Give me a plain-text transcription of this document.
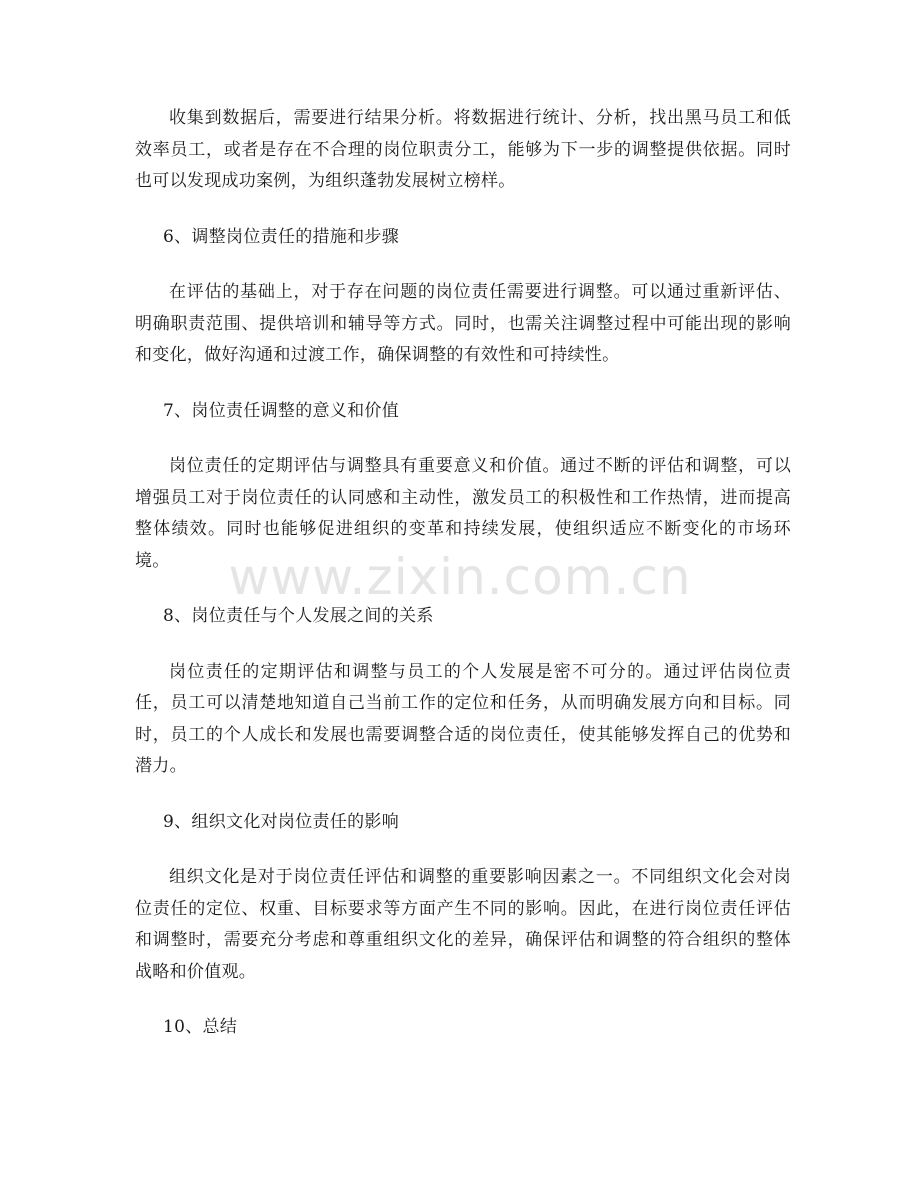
收集到数据后，需要进行结果分析。将数据进行统计、分析，找出黑马员工和低效率员工，或者是存在不合理的岗位职责分工，能够为下一步的调整提供依据。同时也可以发现成功案例，为组织蓬勃发展树立榜样。

6、调整岗位责任的措施和步骤

在评估的基础上，对于存在问题的岗位责任需要进行调整。可以通过重新评估、明确职责范围、提供培训和辅导等方式。同时，也需关注调整过程中可能出现的影响和变化，做好沟通和过渡工作，确保调整的有效性和可持续性。

7、岗位责任调整的意义和价值

岗位责任的定期评估与调整具有重要意义和价值。通过不断的评估和调整，可以增强员工对于岗位责任的认同感和主动性，激发员工的积极性和工作热情，进而提高整体绩效。同时也能够促进组织的变革和持续发展，使组织适应不断变化的市场环境。

8、岗位责任与个人发展之间的关系

岗位责任的定期评估和调整与员工的个人发展是密不可分的。通过评估岗位责任，员工可以清楚地知道自己当前工作的定位和任务，从而明确发展方向和目标。同时，员工的个人成长和发展也需要调整合适的岗位责任，使其能够发挥自己的优势和潜力。

9、组织文化对岗位责任的影响

组织文化是对于岗位责任评估和调整的重要影响因素之一。不同组织文化会对岗位责任的定位、权重、目标要求等方面产生不同的影响。因此，在进行岗位责任评估和调整时，需要充分考虑和尊重组织文化的差异，确保评估和调整的符合组织的整体战略和价值观。

10、总结

www.zixin.com.cn
